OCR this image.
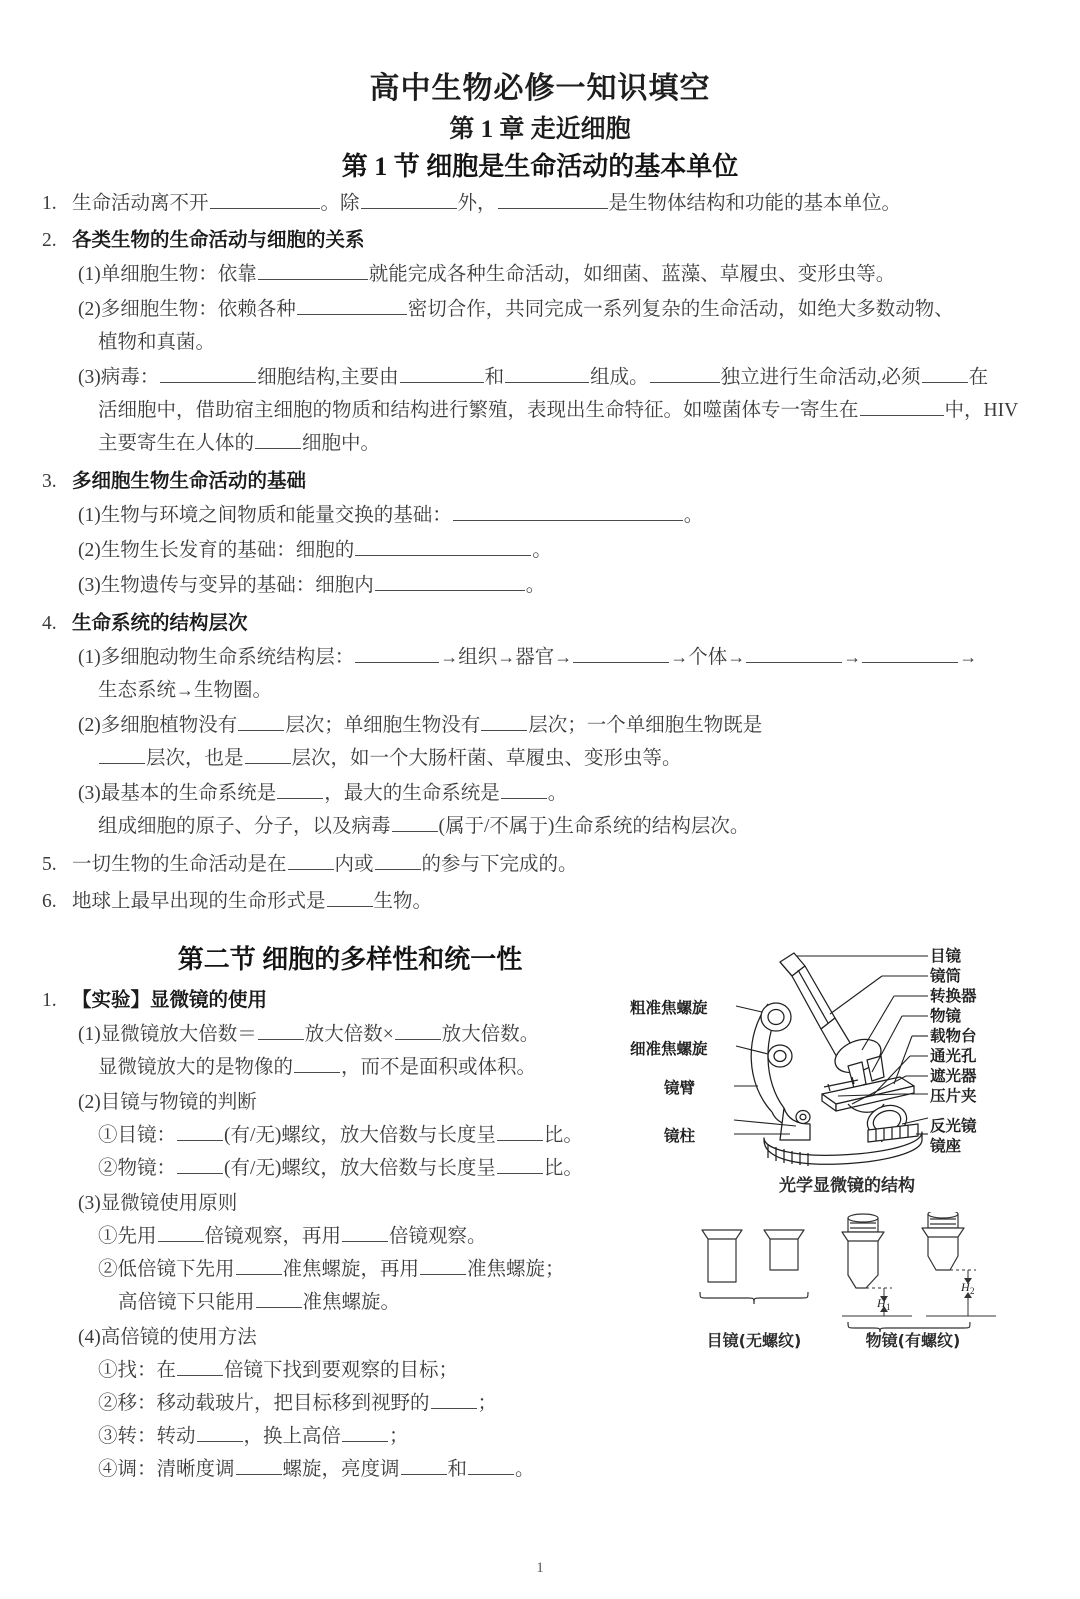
高中生物必修一知识填空
第 1 章 走近细胞
第 1 节 细胞是生命活动的基本单位
1. 生命活动离不开	。除	外，	是生物体结构和功能的基本单位。
2. 各类生物的生命活动与细胞的关系
(1)单细胞生物：依靠	就能完成各种生命活动，如细菌、蓝藻、草履虫、变形虫等。
(2)多细胞生物：依赖各种	密切合作，共同完成一系列复杂的生命活动，如绝大多数动物、
植物和真菌。
(3)病毒：	细胞结构,主要由	和	组成。	独立进行生命活动,必须 在
活细胞中，借助宿主细胞的物质和结构进行繁殖，表现出生命特征。如噬菌体专一寄生在	中，HIV
主要寄生在人体的 细胞中。
3. 多细胞生物生命活动的基础
(1)生物与环境之间物质和能量交换的基础：	。
(2)生物生长发育的基础：细胞的	。
(3)生物遗传与变异的基础：细胞内	。
4. 生命系统的结构层次
(1)多细胞动物生命系统结构层：	→组织→器官→	→个体→	→	→
生态系统→生物圈。
(2)多细胞植物没有 层次；单细胞生物没有 层次；一个单细胞生物既是
层次，也是 层次，如一个大肠杆菌、草履虫、变形虫等。
(3)最基本的生命系统是 ，最大的生命系统是 。
组成细胞的原子、分子，以及病毒 (属于/不属于)生命系统的结构层次。
5. 一切生物的生命活动是在 内或 的参与下完成的。
6. 地球上最早出现的生命形式是 生物。
第二节 细胞的多样性和统一性
1. 【实验】显微镜的使用
(1)显微镜放大倍数＝ 放大倍数× 放大倍数。
显微镜放大的是物像的 ，而不是面积或体积。
(2)目镜与物镜的判断
①目镜： (有/无)螺纹，放大倍数与长度呈 比。
②物镜： (有/无)螺纹，放大倍数与长度呈 比。
(3)显微镜使用原则
①先用 倍镜观察，再用 倍镜观察。
②低倍镜下先用 准焦螺旋，再用 准焦螺旋；
高倍镜下只能用 准焦螺旋。
(4)高倍镜的使用方法
①找：在 倍镜下找到要观察的目标；
②移：移动载玻片，把目标移到视野的 ；
③转：转动 ，换上高倍 ；
④调：清晰度调 螺旋，亮度调 和 。
目镜
镜筒
转换器
物镜
载物台
通光孔
遮光器
压片夹
反光镜
镜座
粗准焦螺旋
细准焦螺旋
镜臂
镜柱
光学显微镜的结构
H 1
H 2
目镜(无螺纹)	物镜(有螺纹)
1
